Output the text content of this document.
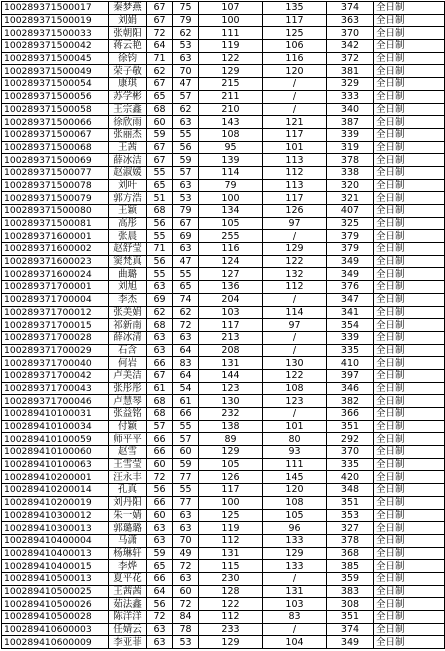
100289371500017	秦梦燕	67	75	107	135	374	全日制
100289371500019	刘娟	67	79	100	117	363	全日制
100289371500033	张朝阳	72	62	111	125	370	全日制
100289371500042	蒋云艳	64	53	119	106	342	全日制
100289371500045	徐钧	71	63	122	116	372	全日制
100289371500049	荣子敬	62	70	129	120	381	全日制
100289371500054	康琪	67	47	215	/	329	全日制
100289371500056	苏学彬	65	57	211	/	333	全日制
100289371500058	王宗鑫	68	62	210	/	340	全日制
100289371500066	徐欣雨	60	63	143	121	387	全日制
100289371500067	张丽杰	59	55	108	117	339	全日制
100289371500068	王茜	67	56	95	101	319	全日制
100289371500069	薛冰洁	67	59	139	113	378	全日制
100289371500077	赵淑媛	55	57	114	112	338	全日制
100289371500078	刘叶	65	63	79	113	320	全日制
100289371500079	郭方浩	51	53	100	117	321	全日制
100289371500080	王颖	68	79	134	126	407	全日制
100289371500081	高彤	56	67	105	97	325	全日制
100289371600001	张晨	55	69	255	/	379	全日制
100289371600002	赵舒莹	71	63	116	129	379	全日制
100289371600023	窦梵真	56	47	124	122	349	全日制
100289371600024	曲璐	55	55	127	132	349	全日制
100289371700001	刘旭	63	65	136	112	376	全日制
100289371700004	李杰	69	74	204	/	347	全日制
100289371700012	张美娟	62	62	103	114	341	全日制
100289371700015	祁新南	68	72	117	97	354	全日制
100289371700028	薛冰清	63	63	213	/	339	全日制
100289371700029	石含	63	64	208	/	335	全日制
100289371700040	何岩	66	83	131	130	410	全日制
100289371700042	卢美洁	67	64	144	122	397	全日制
100289371700043	张彤彤	61	54	123	108	346	全日制
100289371700046	卢慧琴	68	61	130	123	382	全日制
100289410100031	张益铭	68	66	232	/	366	全日制
100289410100034	付颖	57	55	138	101	351	全日制
100289410100059	师平平	66	57	89	80	292	全日制
100289410100060	赵雪	66	60	129	93	370	全日制
100289410100063	王雪莹	60	59	105	111	335	全日制
100289410200001	汪永丰	72	77	126	145	420	全日制
100289410200014	孔真	56	55	117	120	348	全日制
100289410200019	刘丹阳	66	77	100	108	351	全日制
100289410300012	朱一婧	60	63	125	105	353	全日制
100289410300013	郭璐璐	63	63	119	96	327	全日制
100289410400004	马潇	63	70	112	133	378	全日制
100289410400013	杨琳轩	59	49	131	129	368	全日制
100289410400015	李烨	65	72	115	133	385	全日制
100289410500013	夏平花	66	63	230	/	359	全日制
100289410500025	王茜茜	64	60	128	131	383	全日制
100289410500026	茹法鑫	56	72	122	103	308	全日制
100289410500028	陈洋洋	72	84	112	83	351	全日制
100289410600003	任婧云	63	78	233	/	374	全日制
100289410600009	李亚菲	63	53	129	104	349	全日制
